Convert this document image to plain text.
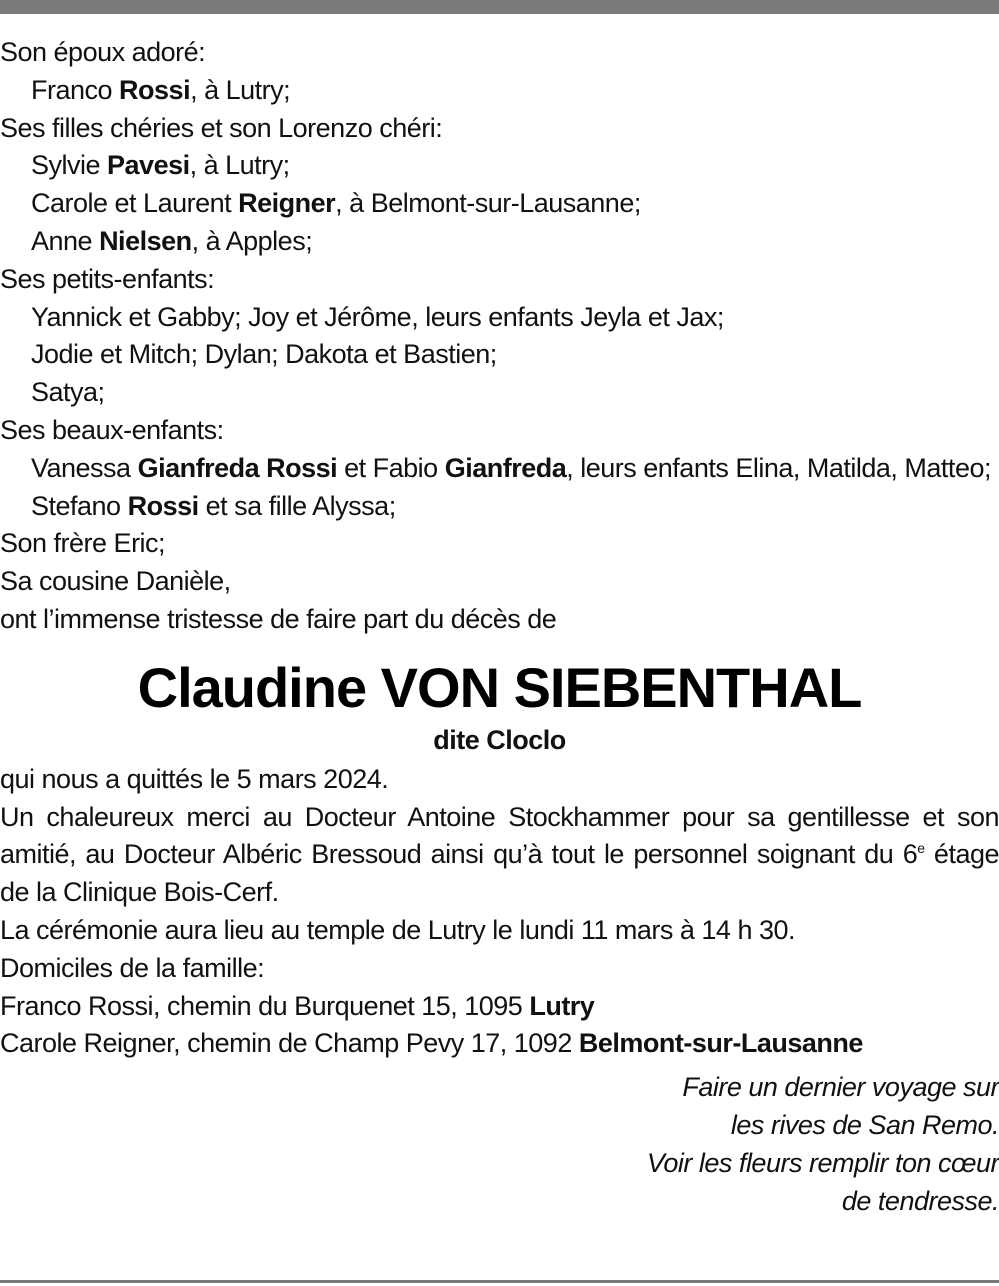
Son époux adoré:
Franco Rossi, à Lutry;
Ses filles chéries et son Lorenzo chéri:
Sylvie Pavesi, à Lutry;
Carole et Laurent Reigner, à Belmont-sur-Lausanne;
Anne Nielsen, à Apples;
Ses petits-enfants:
Yannick et Gabby; Joy et Jérôme, leurs enfants Jeyla et Jax;
Jodie et Mitch; Dylan; Dakota et Bastien;
Satya;
Ses beaux-enfants:
Vanessa Gianfreda Rossi et Fabio Gianfreda, leurs enfants Elina, Matilda, Matteo;
Stefano Rossi et sa fille Alyssa;
Son frère Eric;
Sa cousine Danièle,
ont l’immense tristesse de faire part du décès de
Claudine VON SIEBENTHAL
dite Cloclo
qui nous a quittés le 5 mars 2024.
Un chaleureux merci au Docteur Antoine Stockhammer pour sa gentillesse et son amitié, au Docteur Albéric Bressoud ainsi qu’à tout le personnel soignant du 6e étage de la Clinique Bois-Cerf.
La cérémonie aura lieu au temple de Lutry le lundi 11 mars à 14 h 30.
Domiciles de la famille:
Franco Rossi, chemin du Burquenet 15, 1095 Lutry
Carole Reigner, chemin de Champ Pevy 17, 1092 Belmont-sur-Lausanne
Faire un dernier voyage sur
les rives de San Remo.
Voir les fleurs remplir ton cœur
de tendresse.
